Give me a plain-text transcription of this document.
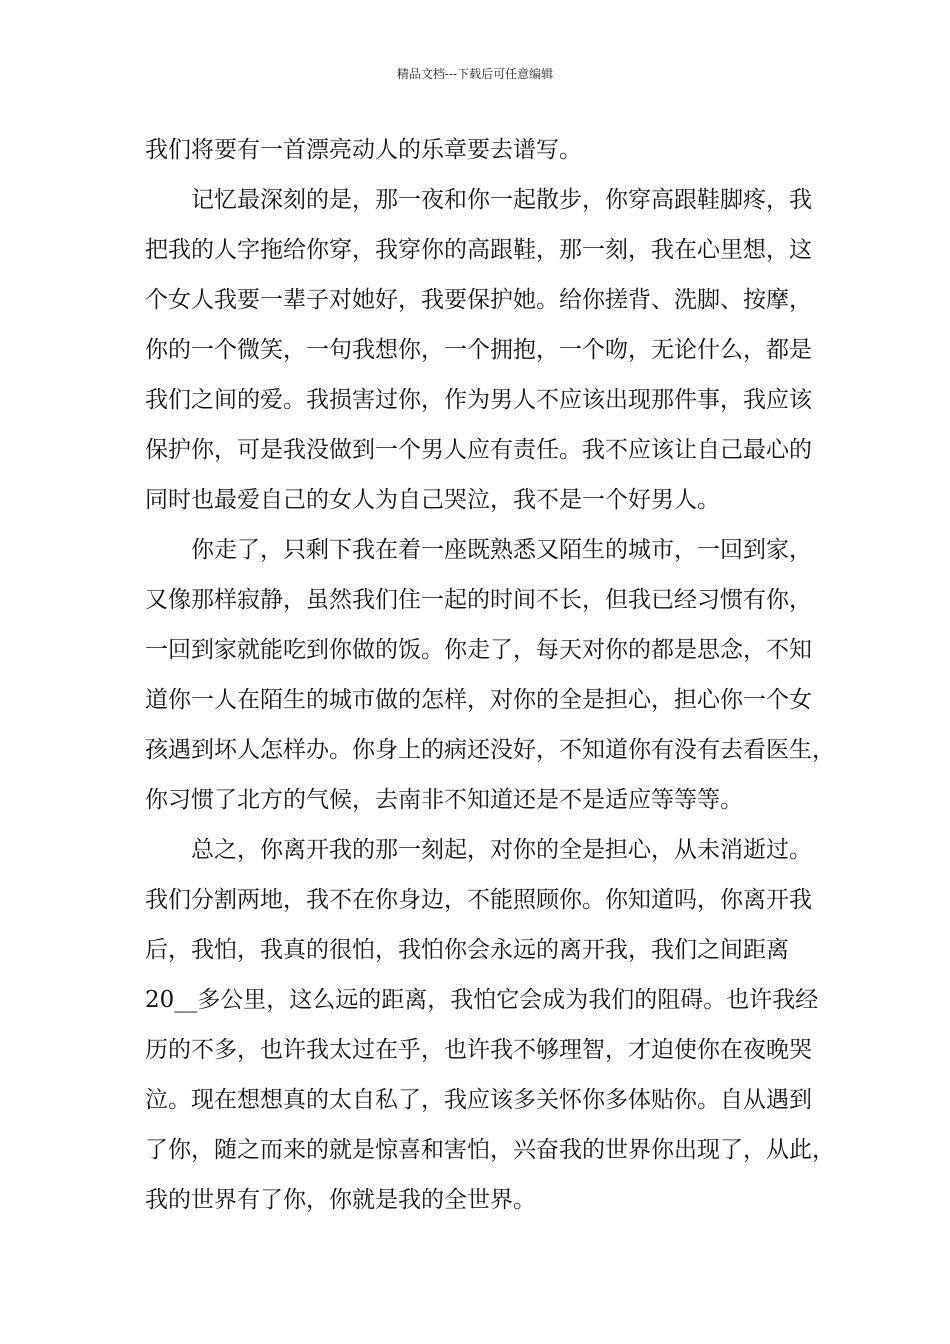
精品文档---下载后可任意编辑
我们将要有一首漂亮动人的乐章要去谱写。
　　记忆最深刻的是，那一夜和你一起散步，你穿高跟鞋脚疼，我
把我的人字拖给你穿，我穿你的高跟鞋，那一刻，我在心里想，这
个女人我要一辈子对她好，我要保护她。给你搓背、洗脚、按摩，
你的一个微笑，一句我想你，一个拥抱，一个吻，无论什么，都是
我们之间的爱。我损害过你，作为男人不应该出现那件事，我应该
保护你，可是我没做到一个男人应有责任。我不应该让自己最心的
同时也最爱自己的女人为自己哭泣，我不是一个好男人。
　　你走了，只剩下我在着一座既熟悉又陌生的城市，一回到家，
又像那样寂静，虽然我们住一起的时间不长，但我已经习惯有你，
一回到家就能吃到你做的饭。你走了，每天对你的都是思念，不知
道你一人在陌生的城市做的怎样，对你的全是担心，担心你一个女
孩遇到坏人怎样办。你身上的病还没好，不知道你有没有去看医生，
你习惯了北方的气候，去南非不知道还是不是适应等等等。
　　总之，你离开我的那一刻起，对你的全是担心，从未消逝过。
我们分割两地，我不在你身边，不能照顾你。你知道吗，你离开我
后，我怕，我真的很怕，我怕你会永远的离开我，我们之间距离
20__多公里，这么远的距离，我怕它会成为我们的阻碍。也许我经
历的不多，也许我太过在乎，也许我不够理智，才迫使你在夜晚哭
泣。现在想想真的太自私了，我应该多关怀你多体贴你。自从遇到
了你，随之而来的就是惊喜和害怕，兴奋我的世界你出现了，从此，
我的世界有了你，你就是我的全世界。
